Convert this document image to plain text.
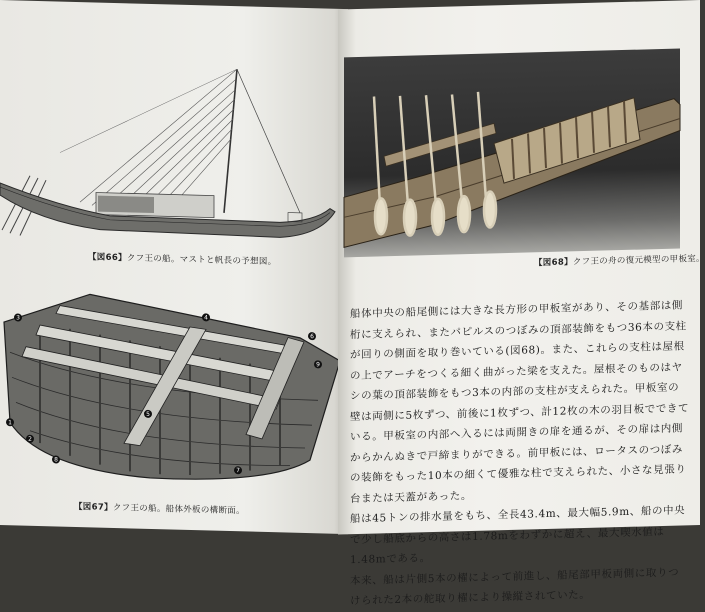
【図66】クフ王の船。マストと帆長の予想図。
1
2
3	4
5
6
7
8
9
【図67】クフ王の船。船体外板の構断面。
【図68】クフ王の舟の復元模型の甲板室。

船体中央の船尾側には大きな長方形の甲板室があり、その基部は側桁に支えられ、またパピルスのつぼみの頂部装飾をもつ36本の支柱が回りの側面を取り巻いている(図68)。また、これらの支柱は屋根の上でアーチをつくる細く曲がった梁を支えた。屋根そのものはヤシの葉の頂部装飾をもつ3本の内部の支柱が支えられた。甲板室の壁は両側に5枚ずつ、前後に1枚ずつ、計12枚の木の羽目板でできている。甲板室の内部へ入るには両開きの扉を通るが、その扉は内側からかんぬきで戸締まりができる。前甲板には、ロータスのつぼみの装飾をもった10本の細くて優雅な柱で支えられた、小さな見張り台または天蓋があった。

船は45トンの排水量をもち、全長43.4m、最大幅5.9m、船の中央で少し船底からの高さは1.78mをわずかに超え、最大喫水値は1.48mである。

本来、船は片側5本の櫂によって前進し、船尾部甲板両側に取りつけられた2本の舵取り櫂により操縦されていた。
